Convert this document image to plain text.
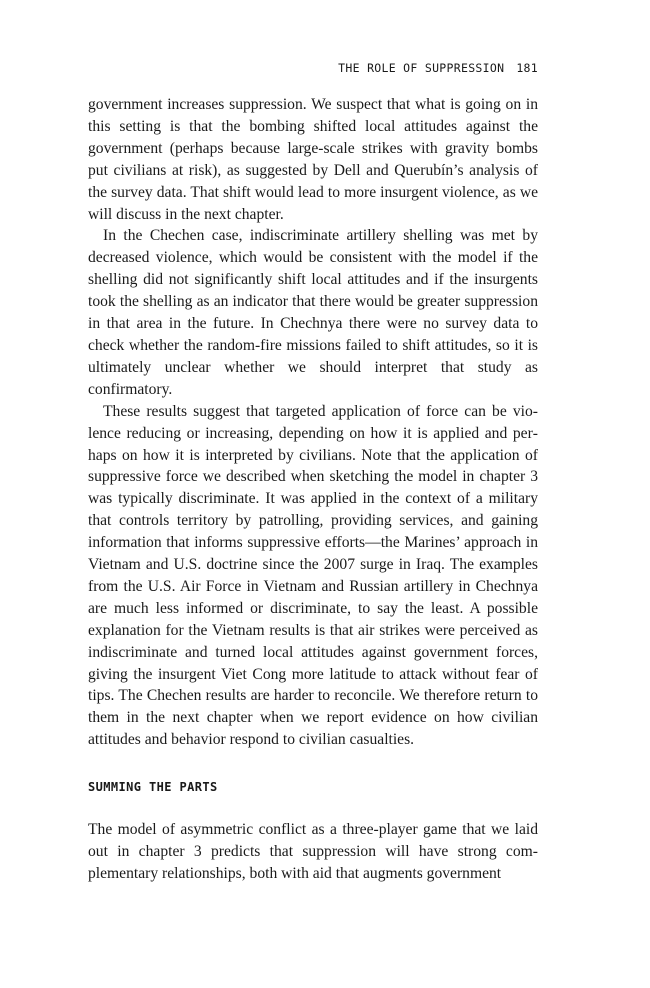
THE ROLE OF SUPPRESSION 181

government increases suppression. We suspect that what is going on in this setting is that the bombing shifted local attitudes against the government (perhaps because large-scale strikes with gravity bombs put civilians at risk), as suggested by Dell and Querubín’s analysis of the survey data. That shift would lead to more insurgent violence, as we will discuss in the next chapter.

In the Chechen case, indiscriminate artillery shelling was met by decreased violence, which would be consistent with the model if the shelling did not significantly shift local attitudes and if the insurgents took the shelling as an indicator that there would be greater suppression in that area in the future. In Chechnya there were no survey data to check whether the random-fire missions failed to shift attitudes, so it is ultimately unclear whether we should interpret that study as confirmatory.

These results suggest that targeted application of force can be violence reducing or increasing, depending on how it is applied and perhaps on how it is interpreted by civilians. Note that the application of suppressive force we described when sketching the model in chapter 3 was typically discriminate. It was applied in the context of a military that controls territory by patrolling, providing services, and gaining information that informs suppressive efforts—the Marines’ approach in Vietnam and U.S. doctrine since the 2007 surge in Iraq. The examples from the U.S. Air Force in Vietnam and Russian artillery in Chechnya are much less informed or discriminate, to say the least. A possible explanation for the Vietnam results is that air strikes were perceived as indiscriminate and turned local attitudes against government forces, giving the insurgent Viet Cong more latitude to attack without fear of tips. The Chechen results are harder to reconcile. We therefore return to them in the next chapter when we report evidence on how civilian attitudes and behavior respond to civilian casualties.

SUMMING THE PARTS

The model of asymmetric conflict as a three-player game that we laid out in chapter 3 predicts that suppression will have strong complementary relationships, both with aid that augments government
